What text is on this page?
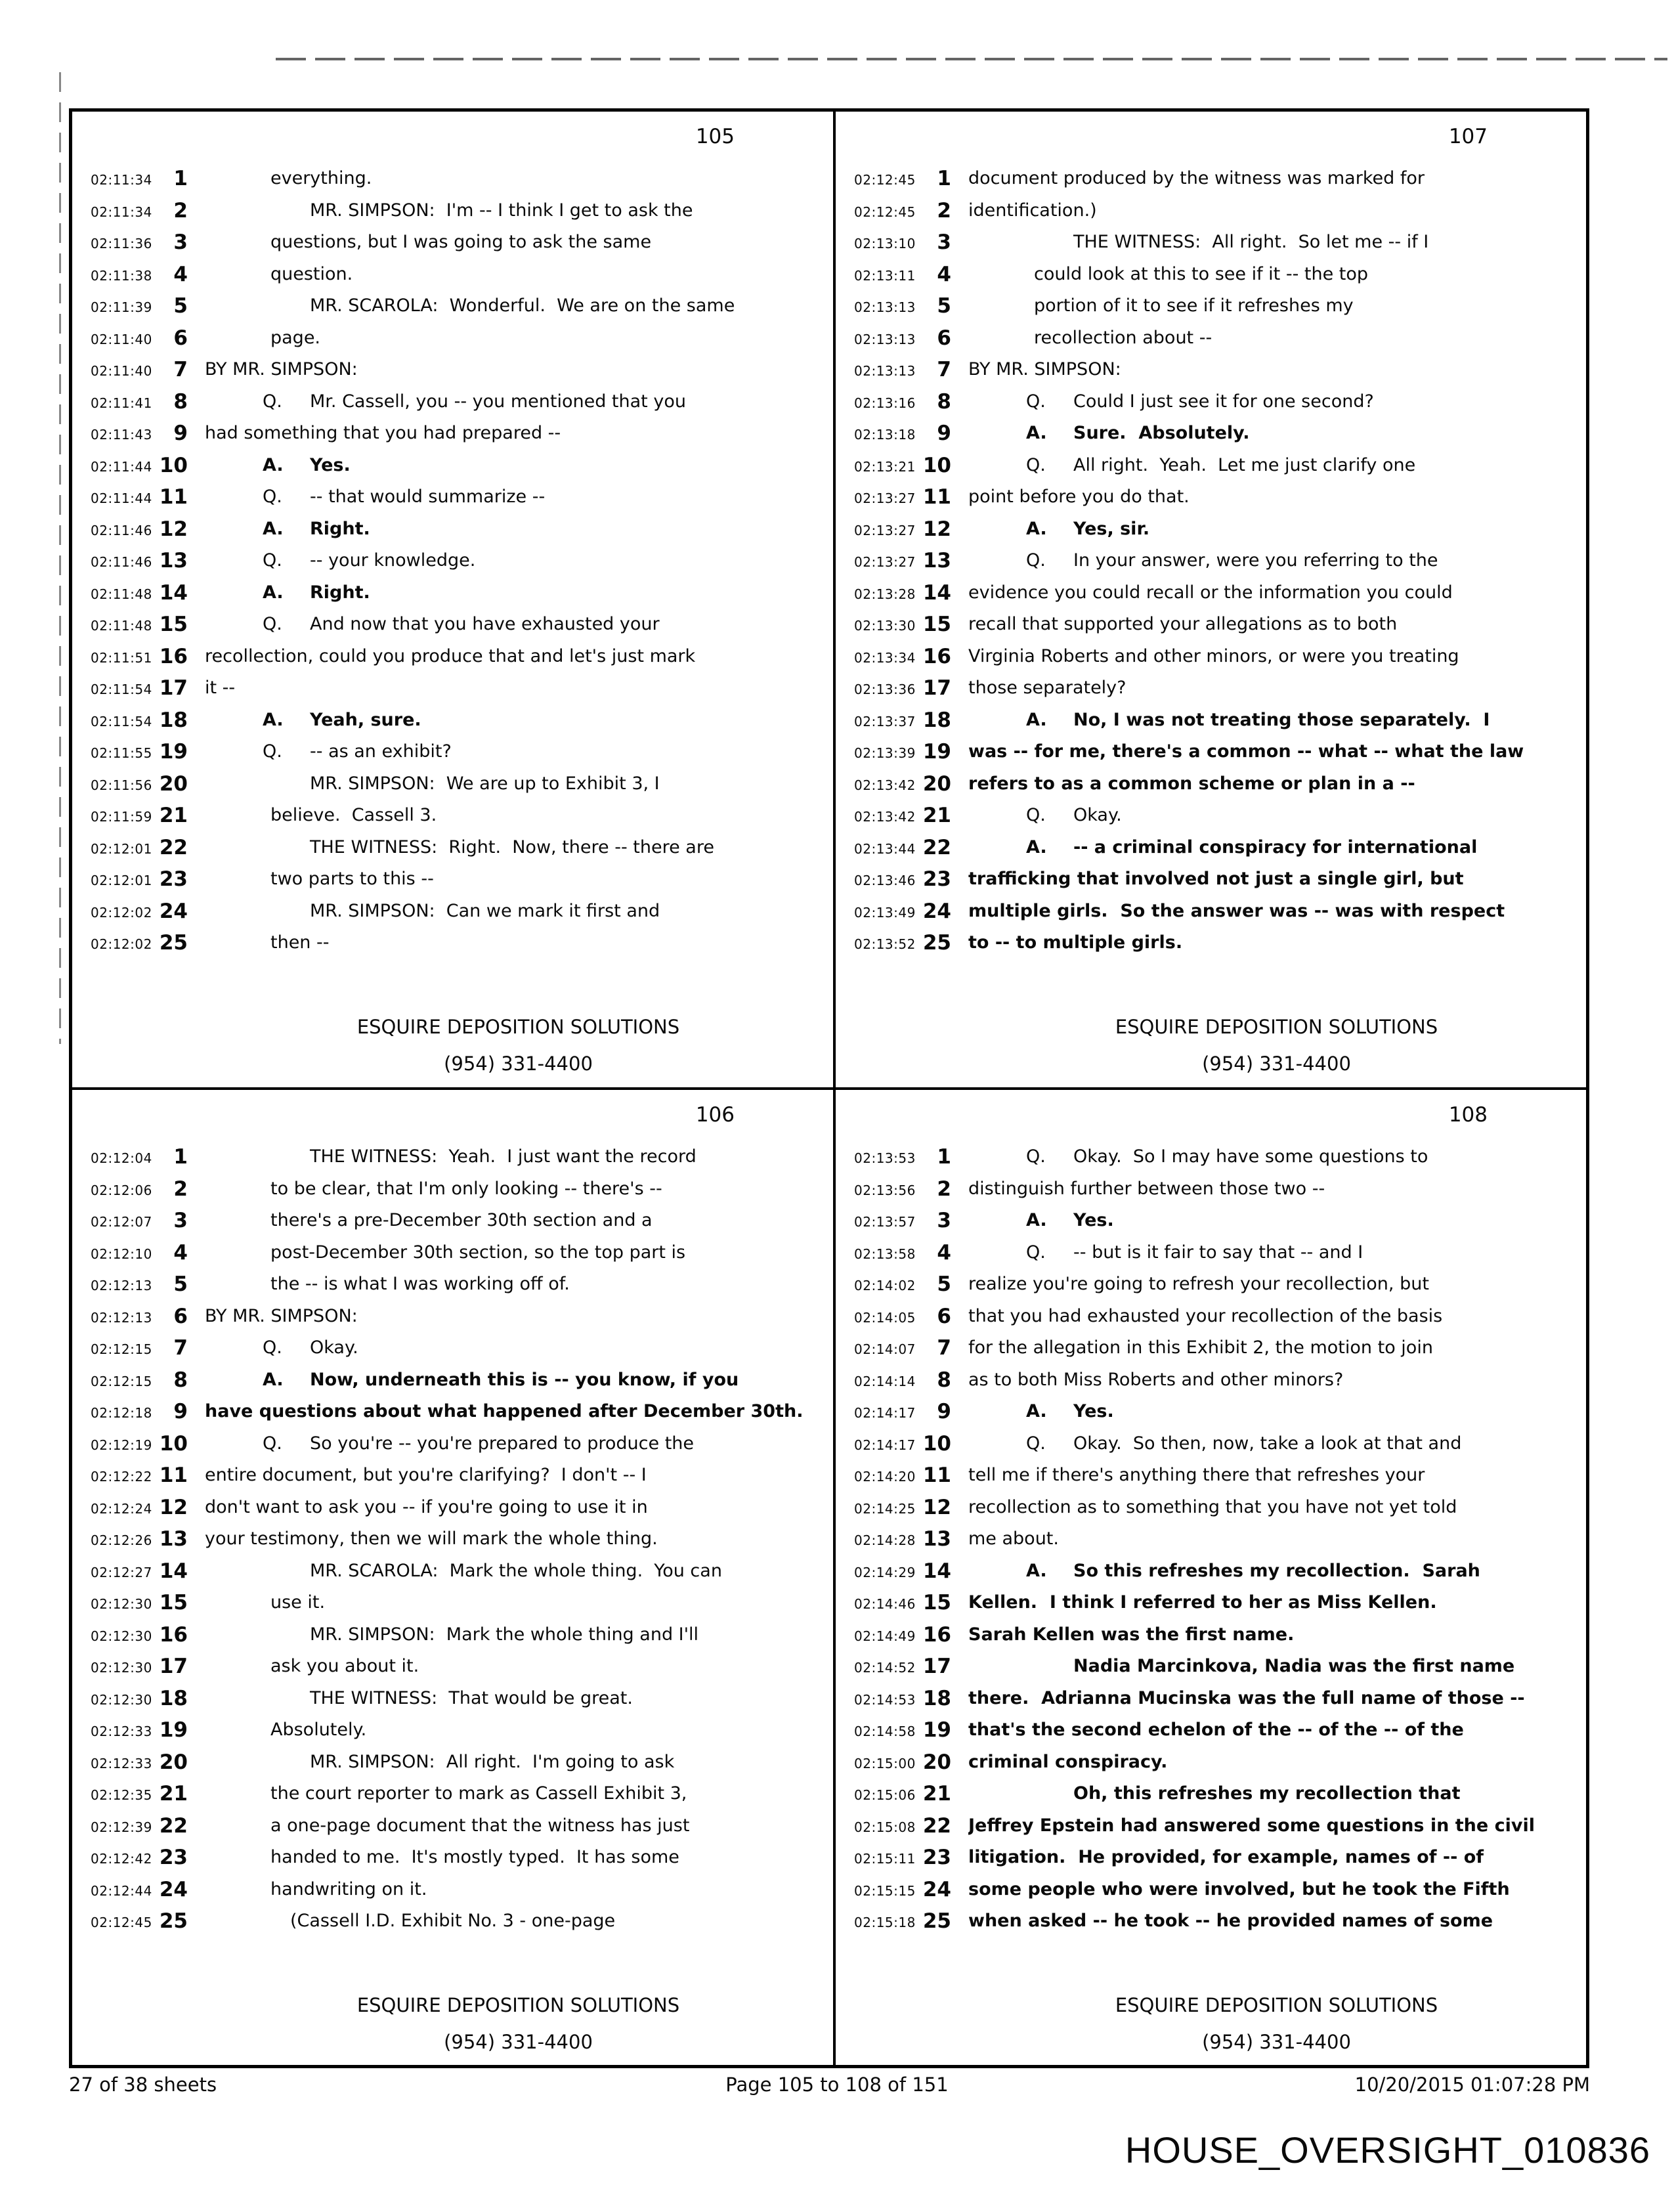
105
02:11:34	1	everything.
02:11:34	2	MR. SIMPSON:  I'm -- I think I get to ask the
02:11:36	3	questions, but I was going to ask the same
02:11:38	4	question.
02:11:39	5	MR. SCAROLA:  Wonderful.  We are on the same
02:11:40	6	page.
02:11:40	7 BY MR. SIMPSON:
02:11:41	8	Q. Mr. Cassell, you -- you mentioned that you
02:11:43	9 had something that you had prepared --
02:11:44 10	A. Yes.
02:11:44 11	Q. -- that would summarize --
02:11:46 12	A. Right.
02:11:46 13	Q. -- your knowledge.
02:11:48 14	A. Right.
02:11:48 15	Q. And now that you have exhausted your
02:11:51 16 recollection, could you produce that and let's just mark
02:11:54 17 it --
02:11:54 18	A. Yeah, sure.
02:11:55 19	Q. -- as an exhibit?
02:11:56 20	MR. SIMPSON:  We are up to Exhibit 3, I
02:11:59 21	believe.  Cassell 3.
02:12:01 22	THE WITNESS:  Right.  Now, there -- there are
02:12:01 23	two parts to this --
02:12:02 24	MR. SIMPSON:  Can we mark it first and
02:12:02 25	then --
ESQUIRE DEPOSITION SOLUTIONS
(954) 331-4400
107
02:12:45	1 document produced by the witness was marked for
02:12:45	2 identification.)
02:13:10	3	THE WITNESS:  All right.  So let me -- if I
02:13:11	4	could look at this to see if it -- the top
02:13:13	5	portion of it to see if it refreshes my
02:13:13	6	recollection about --
02:13:13	7 BY MR. SIMPSON:
02:13:16	8	Q. Could I just see it for one second?
02:13:18	9	A. Sure.  Absolutely.
02:13:21 10	Q. All right.  Yeah.  Let me just clarify one
02:13:27 11 point before you do that.
02:13:27 12	A. Yes, sir.
02:13:27 13	Q. In your answer, were you referring to the
02:13:28 14 evidence you could recall or the information you could
02:13:30 15 recall that supported your allegations as to both
02:13:34 16 Virginia Roberts and other minors, or were you treating
02:13:36 17 those separately?
02:13:37 18	A. No, I was not treating those separately.  I
02:13:39 19 was -- for me, there's a common -- what -- what the law
02:13:42 20 refers to as a common scheme or plan in a --
02:13:42 21	Q. Okay.
02:13:44 22	A. -- a criminal conspiracy for international
02:13:46 23 trafficking that involved not just a single girl, but
02:13:49 24 multiple girls.  So the answer was -- was with respect
02:13:52 25 to -- to multiple girls.
ESQUIRE DEPOSITION SOLUTIONS
(954) 331-4400
106
02:12:04	1	THE WITNESS:  Yeah.  I just want the record
02:12:06	2	to be clear, that I'm only looking -- there's --
02:12:07	3	there's a pre-December 30th section and a
02:12:10	4	post-December 30th section, so the top part is
02:12:13	5	the -- is what I was working off of.
02:12:13	6 BY MR. SIMPSON:
02:12:15	7	Q. Okay.
02:12:15	8	A. Now, underneath this is -- you know, if you
02:12:18	9 have questions about what happened after December 30th.
02:12:19 10	Q. So you're -- you're prepared to produce the
02:12:22 11 entire document, but you're clarifying?  I don't -- I
02:12:24 12 don't want to ask you -- if you're going to use it in
02:12:26 13 your testimony, then we will mark the whole thing.
02:12:27 14	MR. SCAROLA:  Mark the whole thing.  You can
02:12:30 15	use it.
02:12:30 16	MR. SIMPSON:  Mark the whole thing and I'll
02:12:30 17	ask you about it.
02:12:30 18	THE WITNESS:  That would be great.
02:12:33 19	Absolutely.
02:12:33 20	MR. SIMPSON:  All right.  I'm going to ask
02:12:35 21	the court reporter to mark as Cassell Exhibit 3,
02:12:39 22	a one-page document that the witness has just
02:12:42 23	handed to me.  It's mostly typed.  It has some
02:12:44 24	handwriting on it.
02:12:45 25	(Cassell I.D. Exhibit No. 3 - one-page
ESQUIRE DEPOSITION SOLUTIONS
(954) 331-4400
108
02:13:53	1	Q. Okay.  So I may have some questions to
02:13:56	2 distinguish further between those two --
02:13:57	3	A. Yes.
02:13:58	4	Q. -- but is it fair to say that -- and I
02:14:02	5 realize you're going to refresh your recollection, but
02:14:05	6 that you had exhausted your recollection of the basis
02:14:07	7 for the allegation in this Exhibit 2, the motion to join
02:14:14	8 as to both Miss Roberts and other minors?
02:14:17	9	A. Yes.
02:14:17 10	Q. Okay.  So then, now, take a look at that and
02:14:20 11 tell me if there's anything there that refreshes your
02:14:25 12 recollection as to something that you have not yet told
02:14:28 13 me about.
02:14:29 14	A. So this refreshes my recollection.  Sarah
02:14:46 15 Kellen.  I think I referred to her as Miss Kellen.
02:14:49 16 Sarah Kellen was the first name.
02:14:52 17	Nadia Marcinkova, Nadia was the first name
02:14:53 18 there.  Adrianna Mucinska was the full name of those --
02:14:58 19 that's the second echelon of the -- of the -- of the
02:15:00 20 criminal conspiracy.
02:15:06 21	Oh, this refreshes my recollection that
02:15:08 22 Jeffrey Epstein had answered some questions in the civil
02:15:11 23 litigation.  He provided, for example, names of -- of
02:15:15 24 some people who were involved, but he took the Fifth
02:15:18 25 when asked -- he took -- he provided names of some
ESQUIRE DEPOSITION SOLUTIONS
(954) 331-4400
27 of 38 sheets	Page 105 to 108 of 151	10/20/2015 01:07:28 PM
HOUSE_OVERSIGHT_010836
